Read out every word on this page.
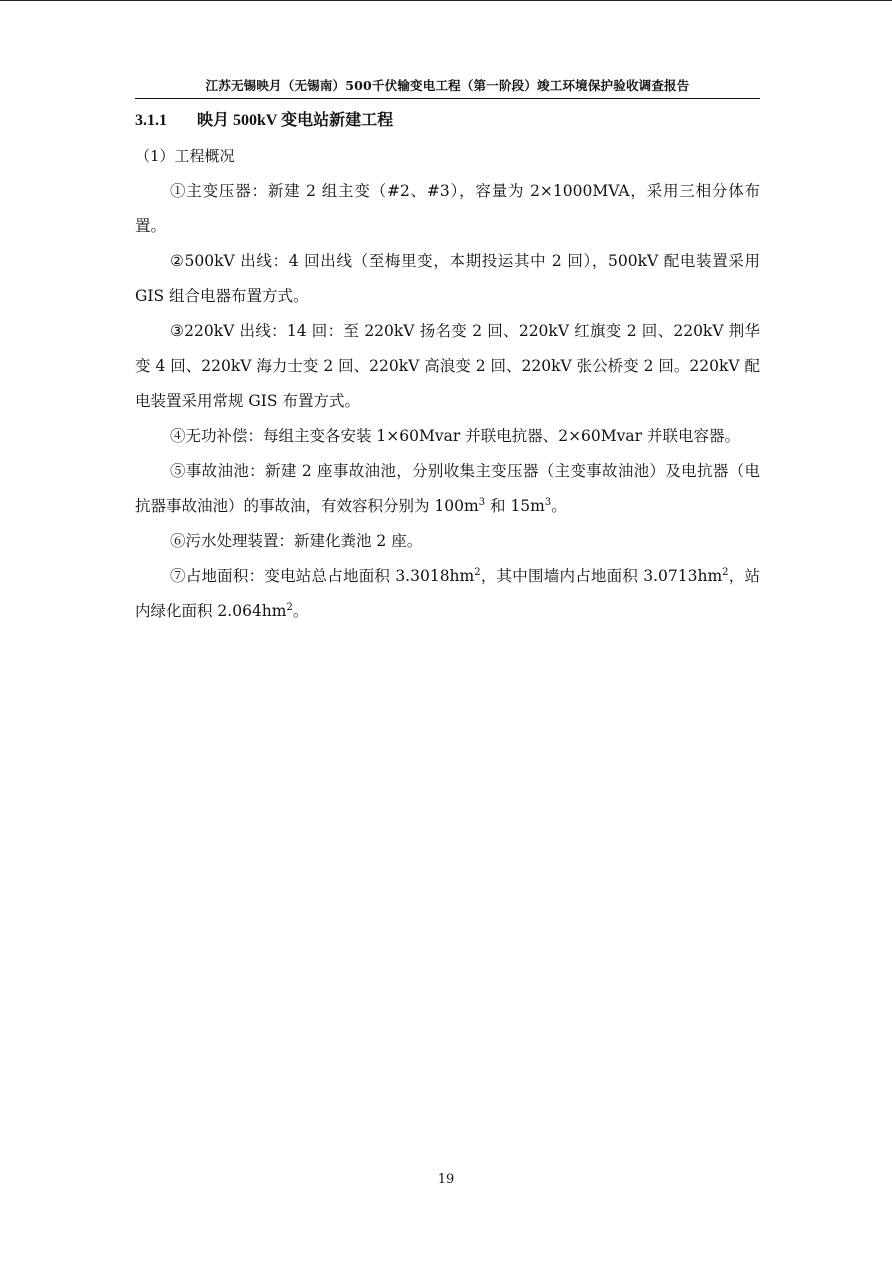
江苏无锡映月（无锡南）500千伏输变电工程（第一阶段）竣工环境保护验收调查报告
3.1.1 映月 500kV 变电站新建工程
（1）工程概况

①主变压器：新建 2 组主变（#2、#3），容量为 2×1000MVA，采用三相分体布置。

②500kV 出线：4 回出线（至梅里变，本期投运其中 2 回），500kV 配电装置采用 GIS 组合电器布置方式。

③220kV 出线：14 回：至 220kV 扬名变 2 回、220kV 红旗变 2 回、220kV 荆华变 4 回、220kV 海力士变 2 回、220kV 高浪变 2 回、220kV 张公桥变 2 回。220kV 配电装置采用常规 GIS 布置方式。

④无功补偿：每组主变各安装 1×60Mvar 并联电抗器、2×60Mvar 并联电容器。

⑤事故油池：新建 2 座事故油池，分别收集主变压器（主变事故油池）及电抗器（电抗器事故油池）的事故油，有效容积分别为 $100m^3$ 和 $15m^3$。

⑥污水处理装置：新建化粪池 2 座。

⑦占地面积：变电站总占地面积 $3.3018hm^2$，其中围墙内占地面积 $3.0713hm^2$，站内绿化面积 $2.064hm^2$。

19
